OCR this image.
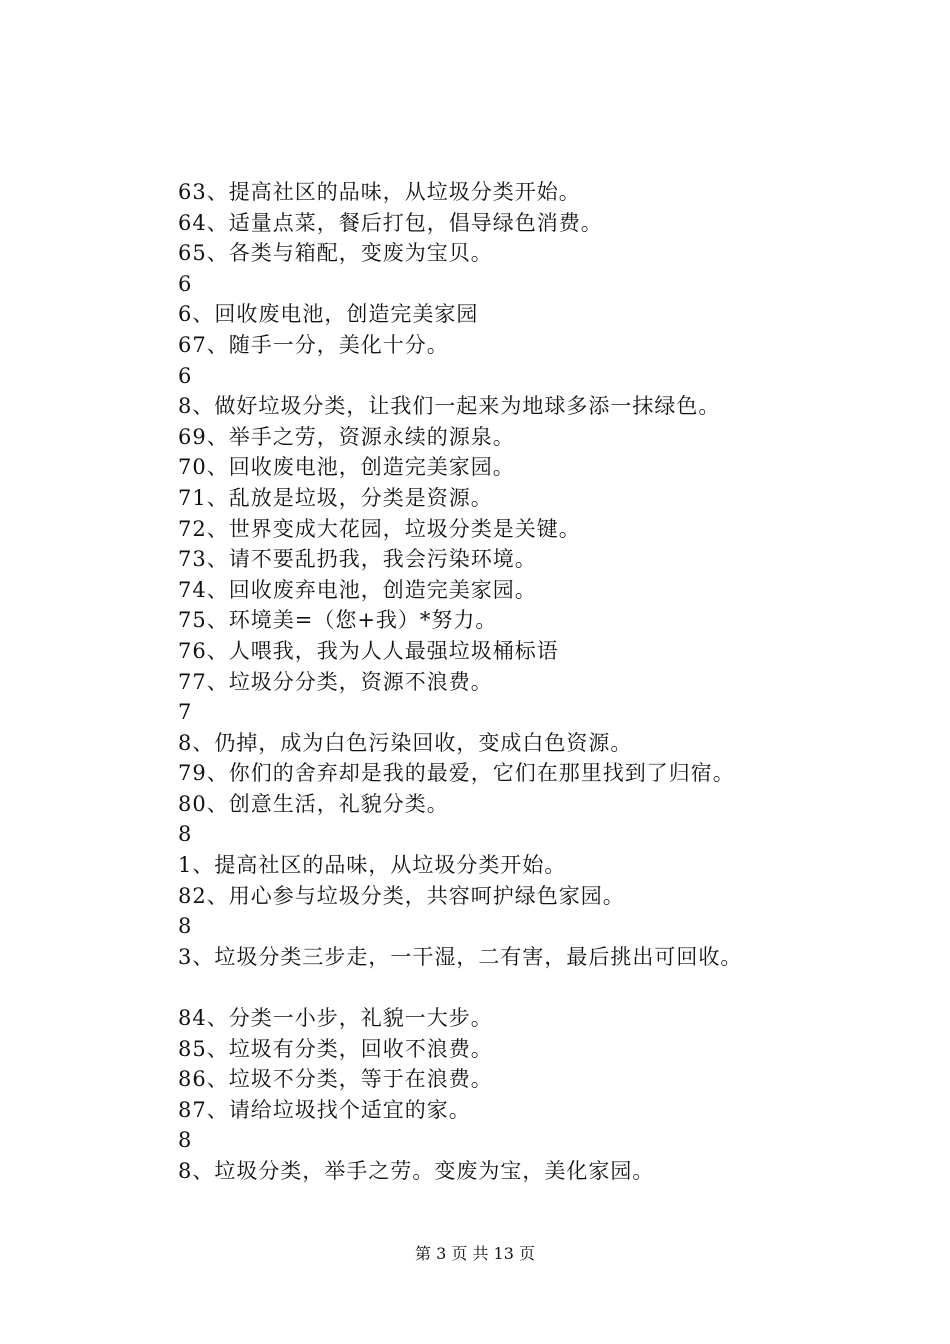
63、提高社区的品味，从垃圾分类开始。
64、适量点菜，餐后打包，倡导绿色消费。
65、各类与箱配，变废为宝贝。
6
6、回收废电池，创造完美家园
67、随手一分，美化十分。
6
8、做好垃圾分类，让我们一起来为地球多添一抹绿色。
69、举手之劳，资源永续的源泉。
70、回收废电池，创造完美家园。
71、乱放是垃圾，分类是资源。
72、世界变成大花园，垃圾分类是关键。
73、请不要乱扔我，我会污染环境。
74、回收废弃电池，创造完美家园。
75、环境美=（您+我）*努力。
76、人喂我，我为人人最强垃圾桶标语
77、垃圾分分类，资源不浪费。
7
8、仍掉，成为白色污染回收，变成白色资源。
79、你们的舍弃却是我的最爱，它们在那里找到了归宿。
80、创意生活，礼貌分类。
8
1、提高社区的品味，从垃圾分类开始。
82、用心参与垃圾分类，共容呵护绿色家园。
8
3、垃圾分类三步走，一干湿，二有害，最后挑出可回收。
84、分类一小步，礼貌一大步。
85、垃圾有分类，回收不浪费。
86、垃圾不分类，等于在浪费。
87、请给垃圾找个适宜的家。
8
8、垃圾分类，举手之劳。变废为宝，美化家园。
第 3 页 共 13 页
